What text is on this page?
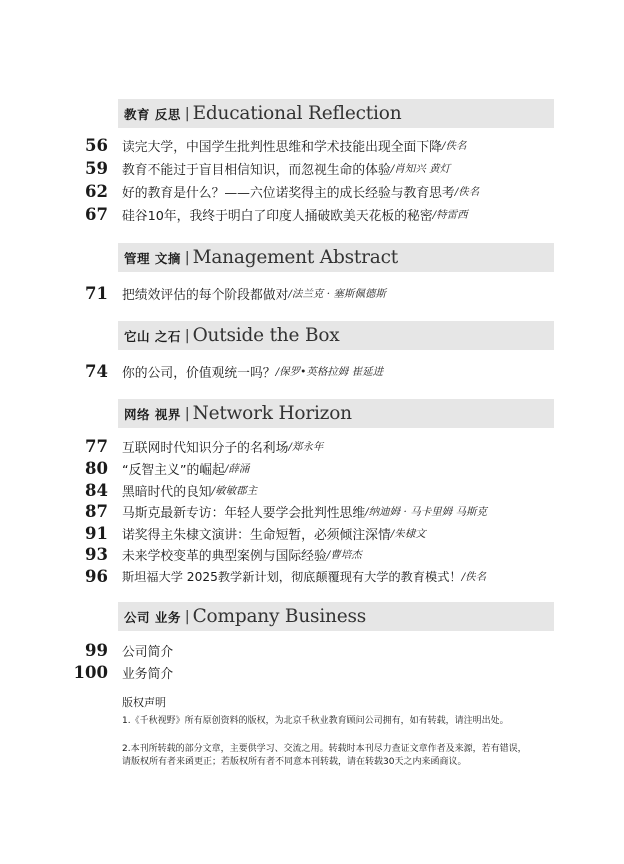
教育 反思 | Educational Reflection
56 读完大学，中国学生批判性思维和学术技能出现全面下降 /佚名
59 教育不能过于盲目相信知识，而忽视生命的体验 /肖知兴 黄灯
62 好的教育是什么？——六位诺奖得主的成长经验与教育思考 /佚名
67 硅谷10年，我终于明白了印度人捅破欧美天花板的秘密 /特雷西
管理 文摘 | Management Abstract
71 把绩效评估的每个阶段都做对 /法兰克 · 塞斯佩德斯
它山 之石 | Outside the Box
74 你的公司，价值观统一吗？ /保罗•英格拉姆 崔延进
网络 视界 | Network Horizon
77 互联网时代知识分子的名利场 /郑永年
80 “反智主义”的崛起 /薛涌
84 黑暗时代的良知 /敏敏郡主
87 马斯克最新专访：年轻人要学会批判性思维 /纳迪姆 · 马卡里姆 马斯克
91 诺奖得主朱棣文演讲：生命短暂，必须倾注深情 /朱棣文
93 未来学校变革的典型案例与国际经验 /曹培杰
96 斯坦福大学 2025教学新计划，彻底颠覆现有大学的教育模式！ /佚名
公司 业务 | Company Business
99 公司简介
100 业务简介
版权声明
1.《千秋视野》所有原创资料的版权，为北京千秋业教育顾问公司拥有，如有转载，请注明出处。
2.本刊所转载的部分文章，主要供学习、交流之用。转载时本刊尽力查证文章作者及来源，若有错误，请版权所有者来函更正；若版权所有者不同意本刊转载，请在转载30天之内来函商议。
